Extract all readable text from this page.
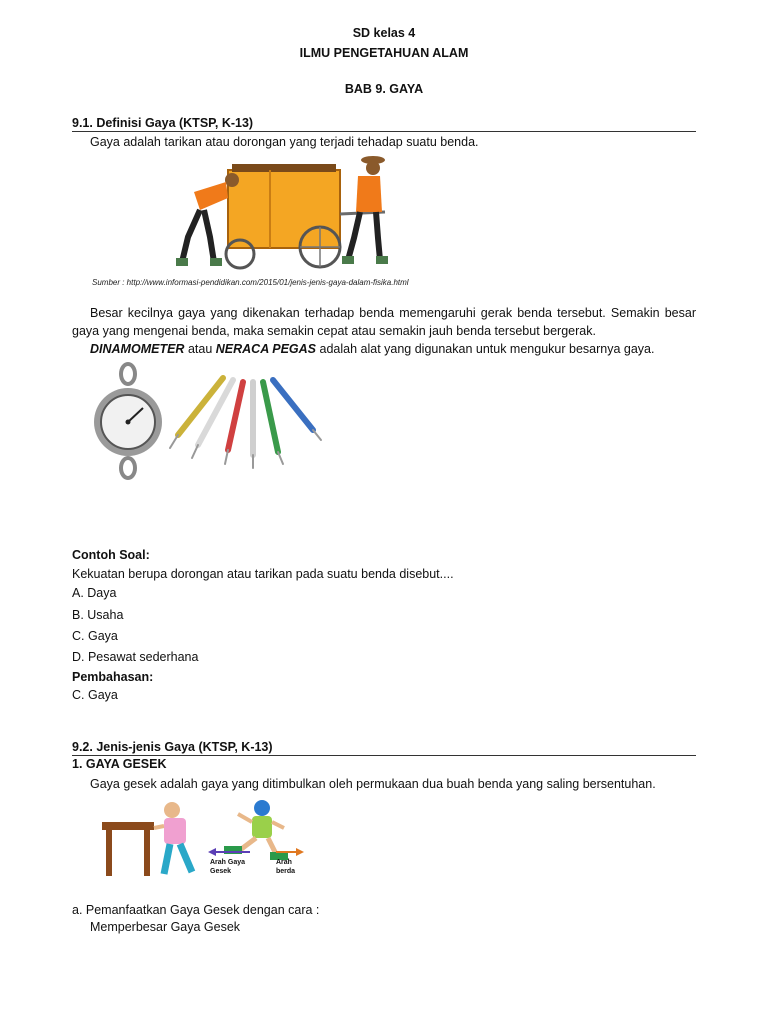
SD kelas 4
ILMU PENGETAHUAN ALAM
BAB 9. GAYA
9.1. Definisi Gaya (KTSP, K-13)
Gaya adalah tarikan atau dorongan yang terjadi tehadap suatu benda.
Sumber : http://www.informasi-pendidikan.com/2015/01/jenis-jenis-gaya-dalam-fisika.html
Besar kecilnya gaya yang dikenakan terhadap benda memengaruhi gerak benda tersebut. Semakin besar gaya yang mengenai benda, maka semakin cepat atau semakin jauh benda tersebut bergerak.
DINAMOMETER atau NERACA PEGAS adalah alat yang digunakan untuk mengukur besarnya gaya.
Contoh Soal:
Kekuatan berupa dorongan atau tarikan pada suatu benda disebut....
A. Daya
B. Usaha
C. Gaya
D. Pesawat sederhana
Pembahasan:
C. Gaya
9.2. Jenis-jenis Gaya (KTSP, K-13)
1. GAYA GESEK
Gaya gesek adalah gaya yang ditimbulkan oleh permukaan dua buah benda yang saling bersentuhan.
Arah Gaya Gesek
Arah berda
a. Pemanfaatkan Gaya Gesek dengan cara :
Memperbesar Gaya Gesek
